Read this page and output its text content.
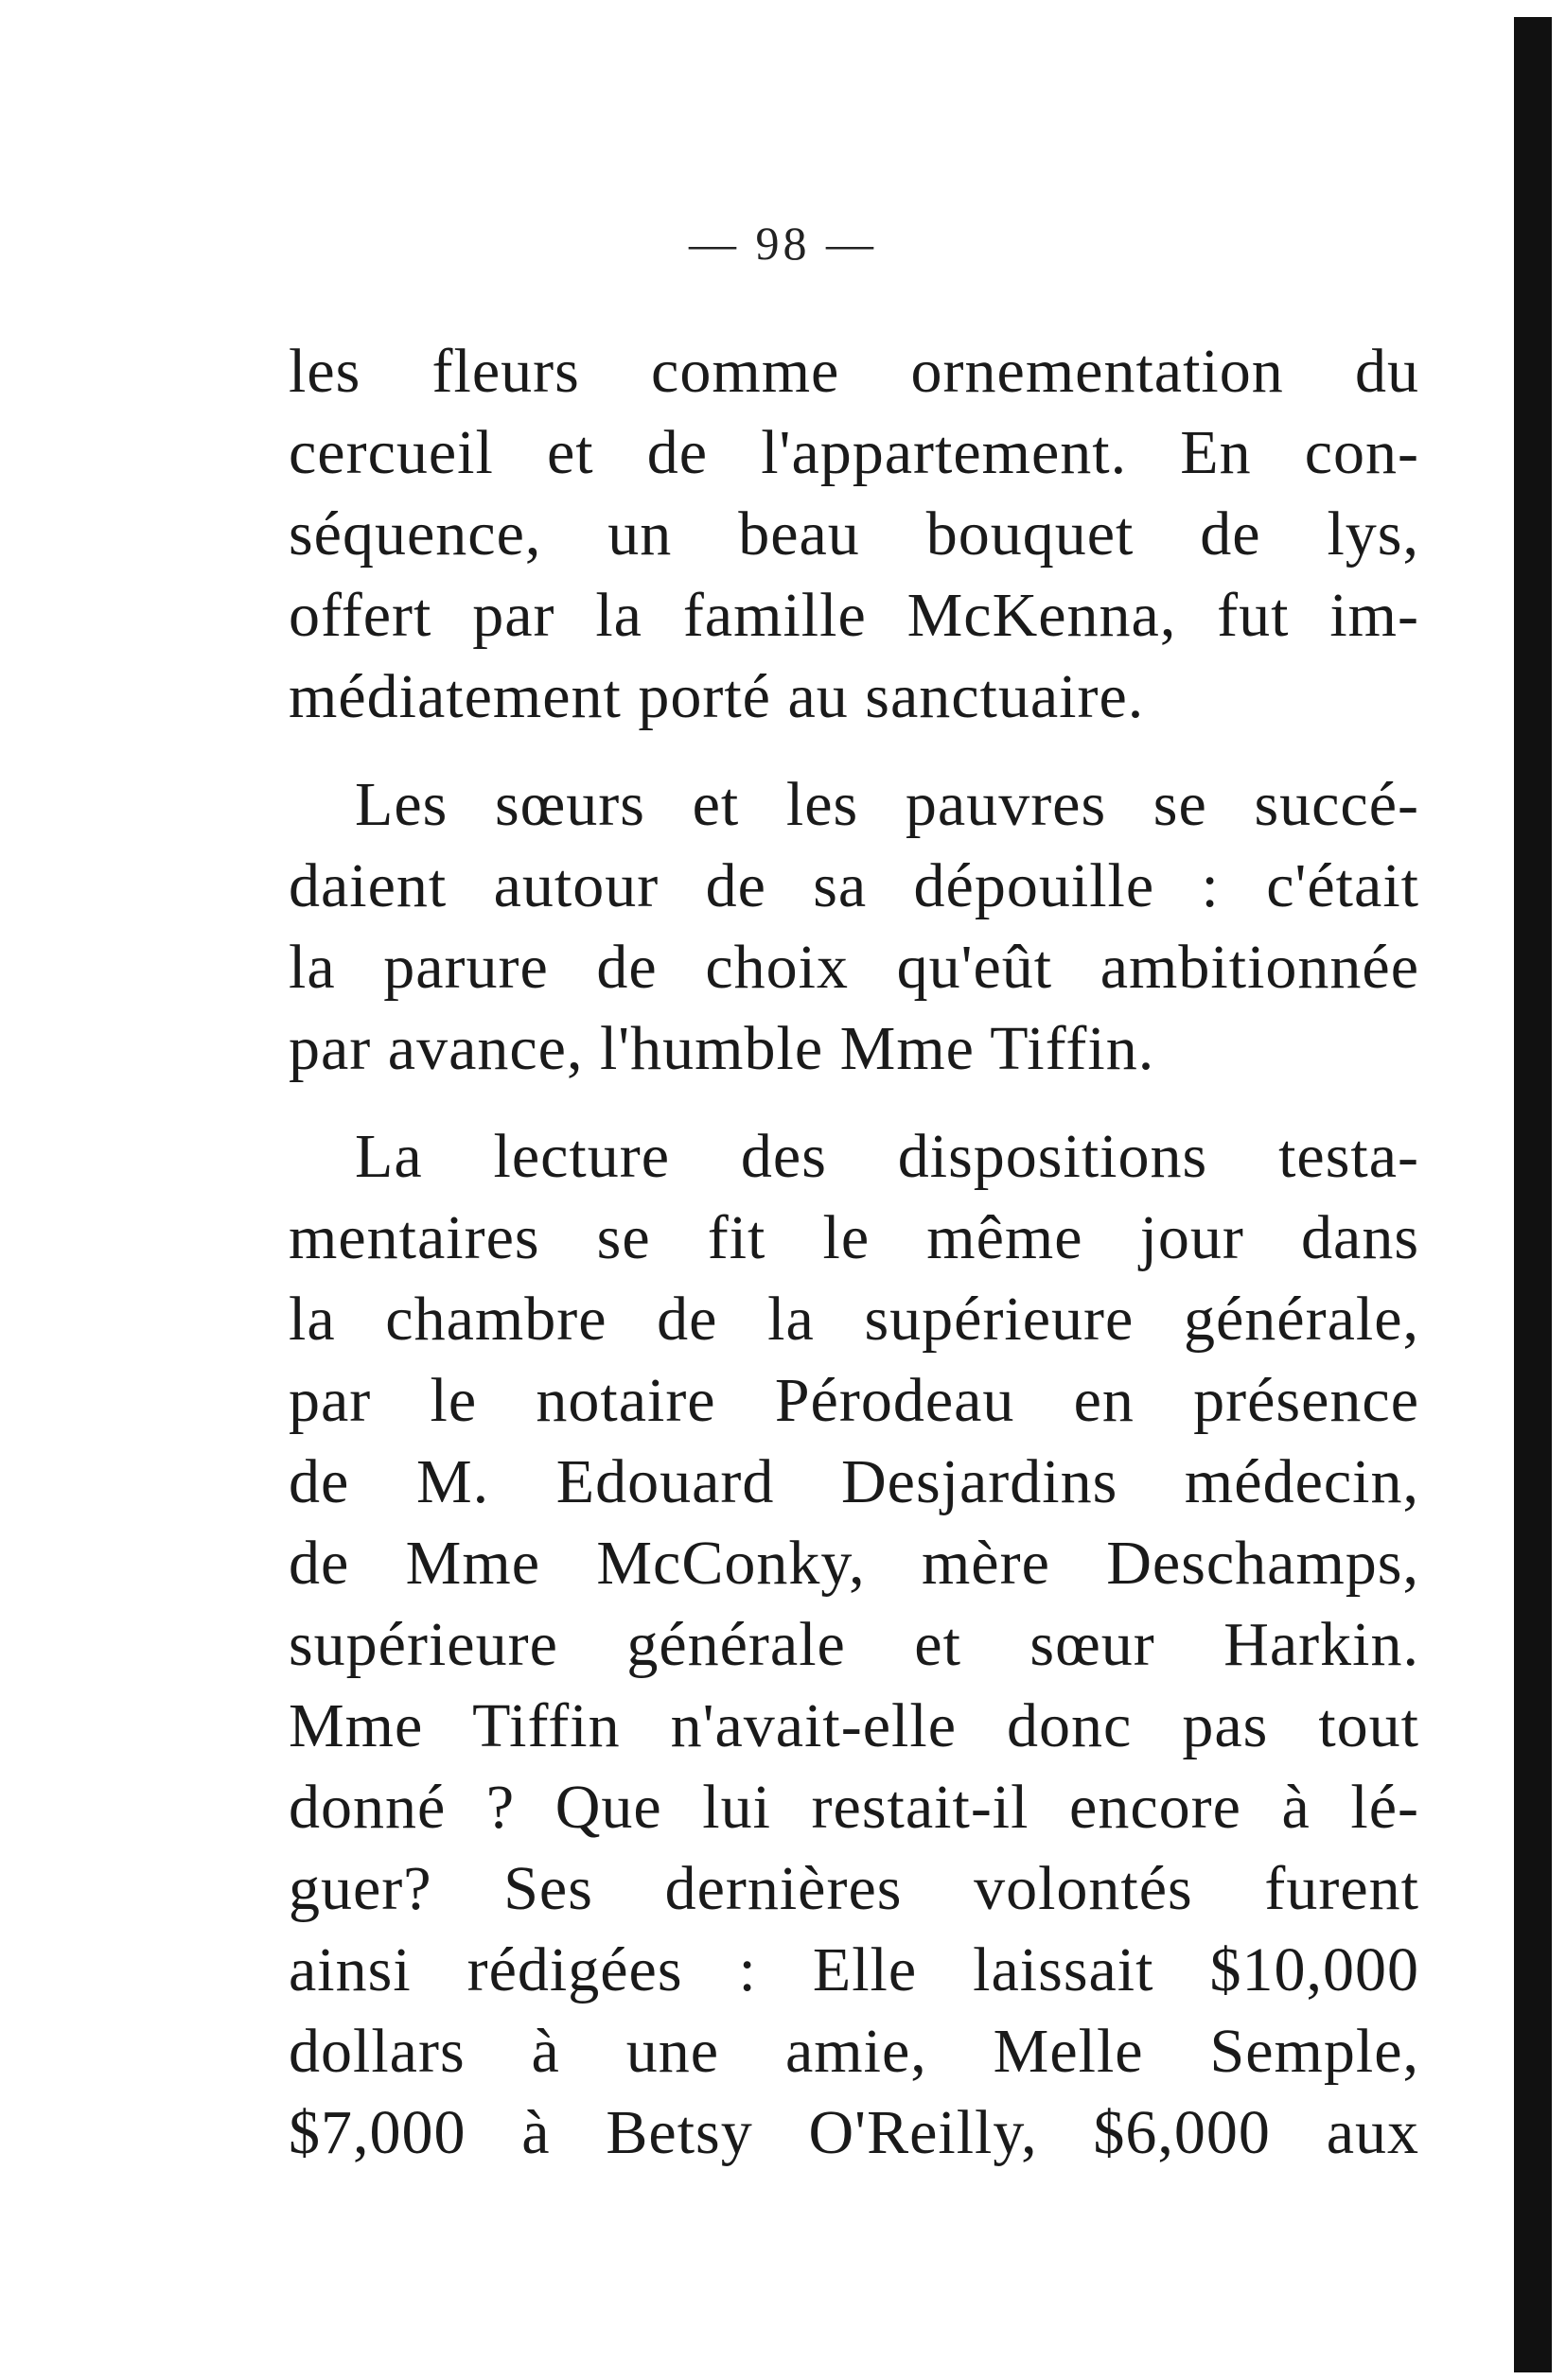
— 98 —
les fleurs comme ornementation du
cercueil et de l'appartement. En con-
séquence, un beau bouquet de lys,
offert par la famille McKenna, fut im-
médiatement porté au sanctuaire.
Les sœurs et les pauvres se succé-
daient autour de sa dépouille : c'était
la parure de choix qu'eût ambitionnée
par avance, l'humble Mme Tiffin.
La lecture des dispositions testa-
mentaires se fit le même jour dans
la chambre de la supérieure générale,
par le notaire Pérodeau en présence
de M. Edouard Desjardins médecin,
de Mme McConky, mère Deschamps,
supérieure générale et sœur Harkin.
Mme Tiffin n'avait-elle donc pas tout
donné ? Que lui restait-il encore à lé-
guer? Ses dernières volontés furent
ainsi rédigées : Elle laissait $10,000
dollars à une amie, Melle Semple,
$7,000 à Betsy O'Reilly, $6,000 aux
